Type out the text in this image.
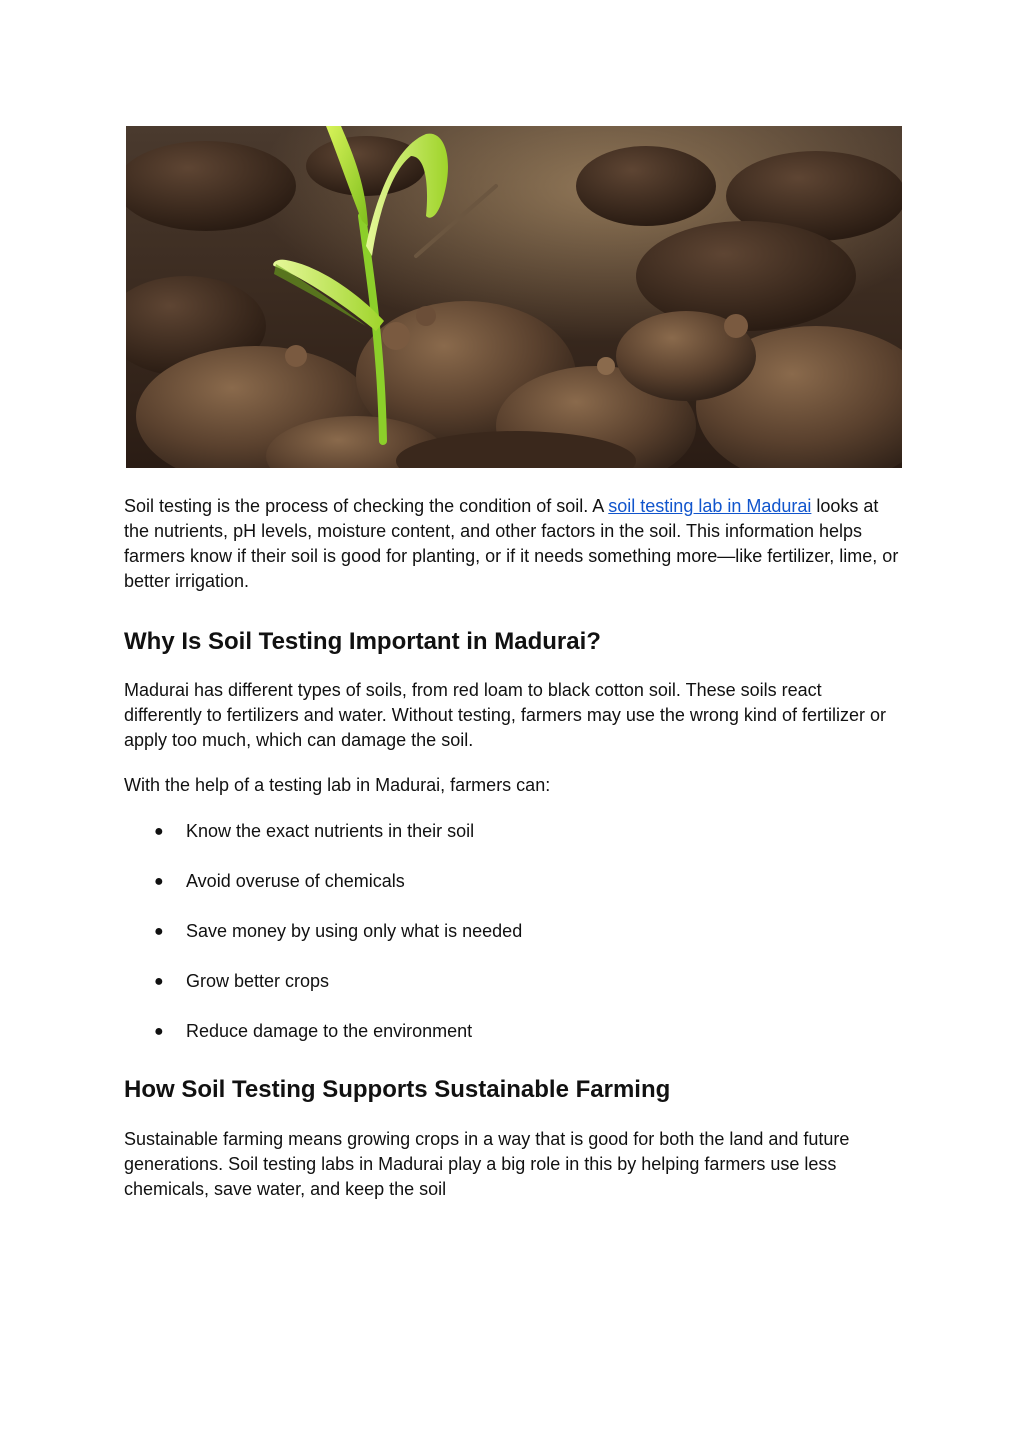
Soil testing is the process of checking the condition of soil. A soil testing lab in Madurai looks at the nutrients, pH levels, moisture content, and other factors in the soil. This information helps farmers know if their soil is good for planting, or if it needs something more—like fertilizer, lime, or better irrigation.

Why Is Soil Testing Important in Madurai?

Madurai has different types of soils, from red loam to black cotton soil. These soils react differently to fertilizers and water. Without testing, farmers may use the wrong kind of fertilizer or apply too much, which can damage the soil.

With the help of a testing lab in Madurai, farmers can:

● Know the exact nutrients in their soil
● Avoid overuse of chemicals
● Save money by using only what is needed
● Grow better crops
● Reduce damage to the environment
How Soil Testing Supports Sustainable Farming

Sustainable farming means growing crops in a way that is good for both the land and future generations. Soil testing labs in Madurai play a big role in this by helping farmers use less chemicals, save water, and keep the soil
